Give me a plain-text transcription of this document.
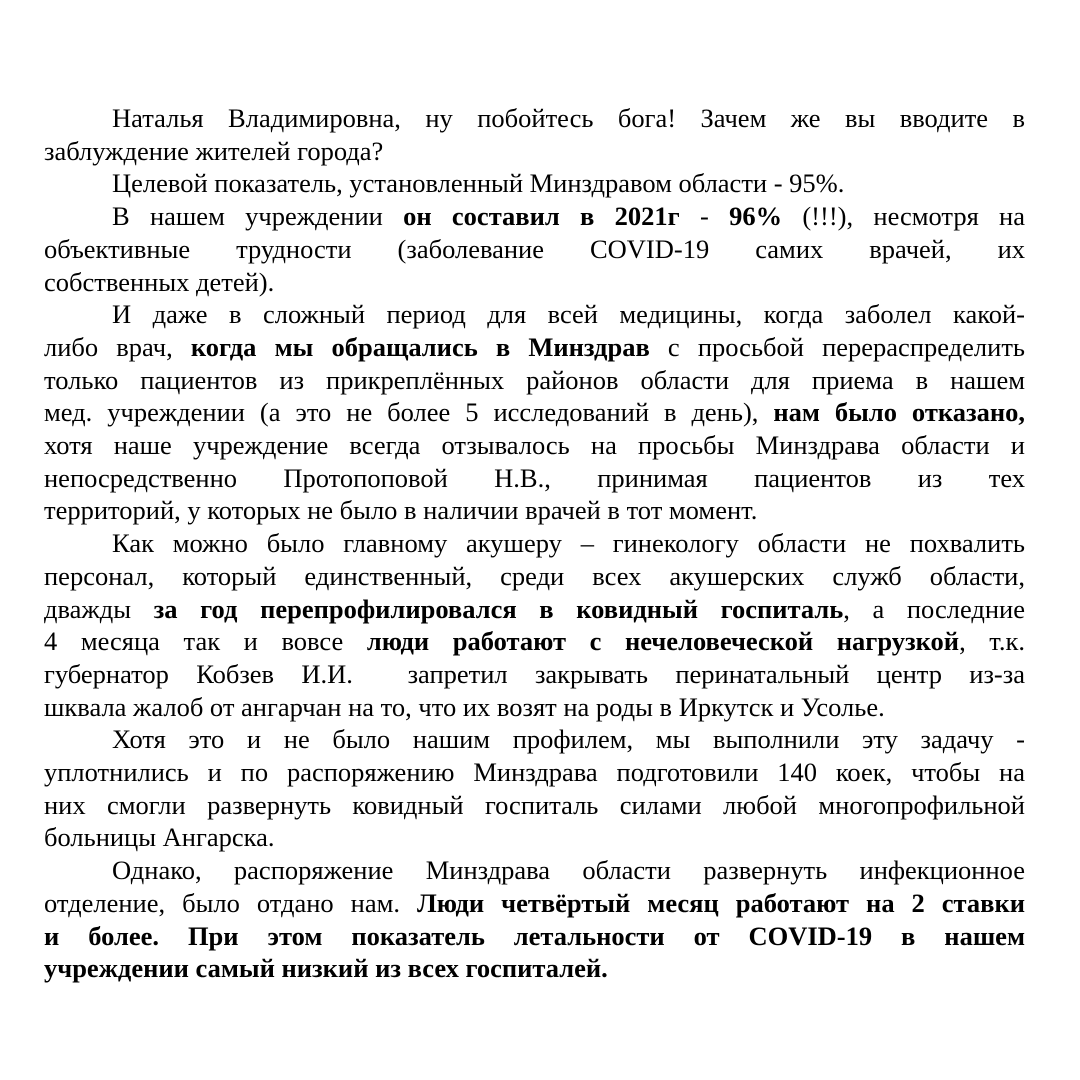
Наталья Владимировна, ну побойтесь бога! Зачем же вы вводите в
заблуждение жителей города?

Целевой показатель, установленный Минздравом области - 95%.

В нашем учреждении он составил в 2021г - 96% (!!!), несмотря на
объективные трудности (заболевание COVID-19 самих врачей, их
собственных детей).

И даже в сложный период для всей медицины, когда заболел какой-
либо врач, когда мы обращались в Минздрав с просьбой перераспределить
только пациентов из прикреплённых районов области для приема в нашем
мед. учреждении (а это не более 5 исследований в день), нам было отказано,
хотя наше учреждение всегда отзывалось на просьбы Минздрава области и
непосредственно Протопоповой Н.В., принимая пациентов из тех
территорий, у которых не было в наличии врачей в тот момент.

Как можно было главному акушеру – гинекологу области не похвалить
персонал, который единственный, среди всех акушерских служб области,
дважды за год перепрофилировался в ковидный госпиталь, а последние
4 месяца так и вовсе люди работают с нечеловеческой нагрузкой, т.к.
губернатор Кобзев И.И.  запретил закрывать перинатальный центр из-за
шквала жалоб от ангарчан на то, что их возят на роды в Иркутск и Усолье.

Хотя это и не было нашим профилем, мы выполнили эту задачу -
уплотнились и по распоряжению Минздрава подготовили 140 коек, чтобы на
них смогли развернуть ковидный госпиталь силами любой многопрофильной
больницы Ангарска.

Однако, распоряжение Минздрава области развернуть инфекционное
отделение, было отдано нам. Люди четвёртый месяц работают на 2 ставки
и более. При этом показатель летальности от COVID-19 в нашем
учреждении самый низкий из всех госпиталей.
